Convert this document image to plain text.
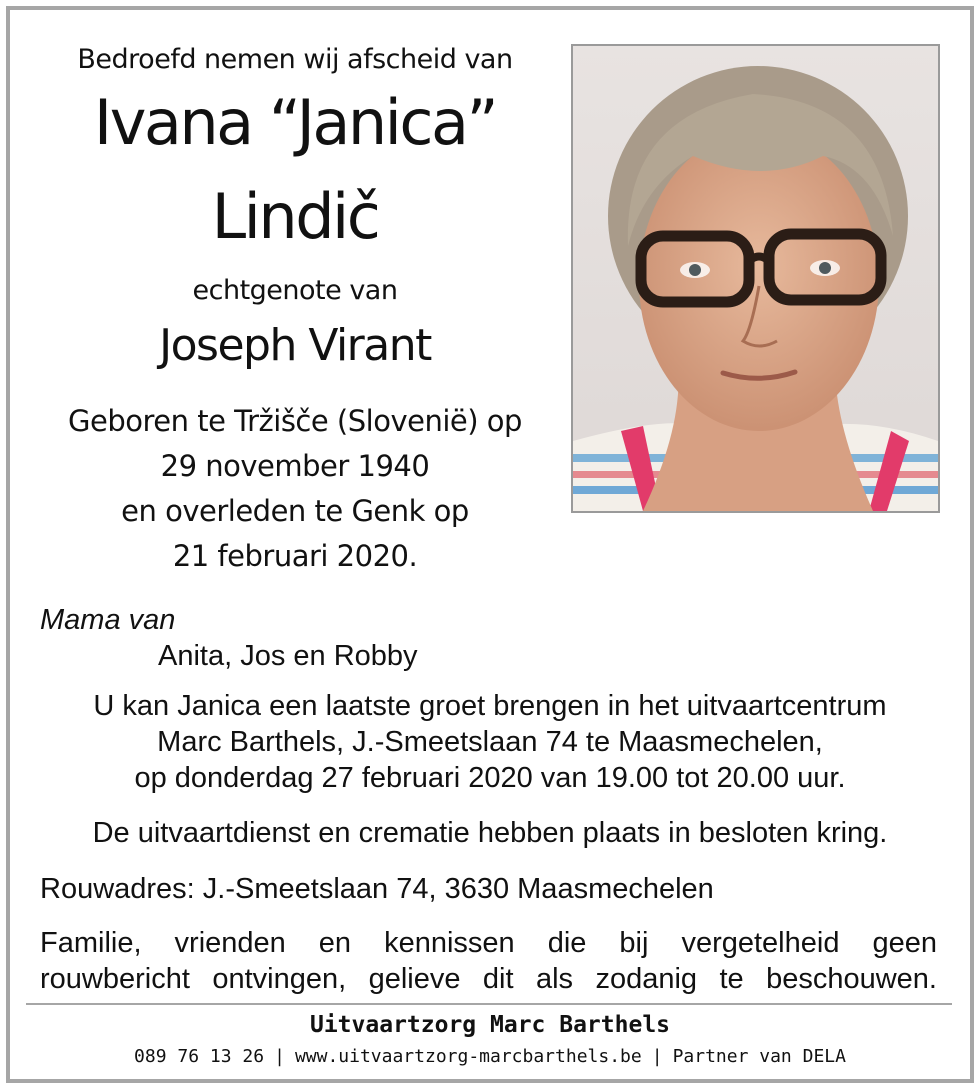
Bedroefd nemen wij afscheid van
Ivana “Janica”
Lindič
echtgenote van
Joseph Virant
Geboren te Tržišče (Slovenië) op
29 november 1940
en overleden te Genk op
21 februari 2020.
Mama van
Anita, Jos en Robby
U kan Janica een laatste groet brengen in het uitvaartcentrum
Marc Barthels, J.-Smeetslaan 74 te Maasmechelen,
op donderdag 27 februari 2020 van 19.00 tot 20.00 uur.
De uitvaartdienst en crematie hebben plaats in besloten kring.
Rouwadres: J.-Smeetslaan 74, 3630 Maasmechelen
Familie, vrienden en kennissen die bij vergetelheid geen
rouwbericht ontvingen, gelieve dit als zodanig te beschouwen.
Uitvaartzorg Marc Barthels
089 76 13 26 | www.uitvaartzorg-marcbarthels.be | Partner van DELA
